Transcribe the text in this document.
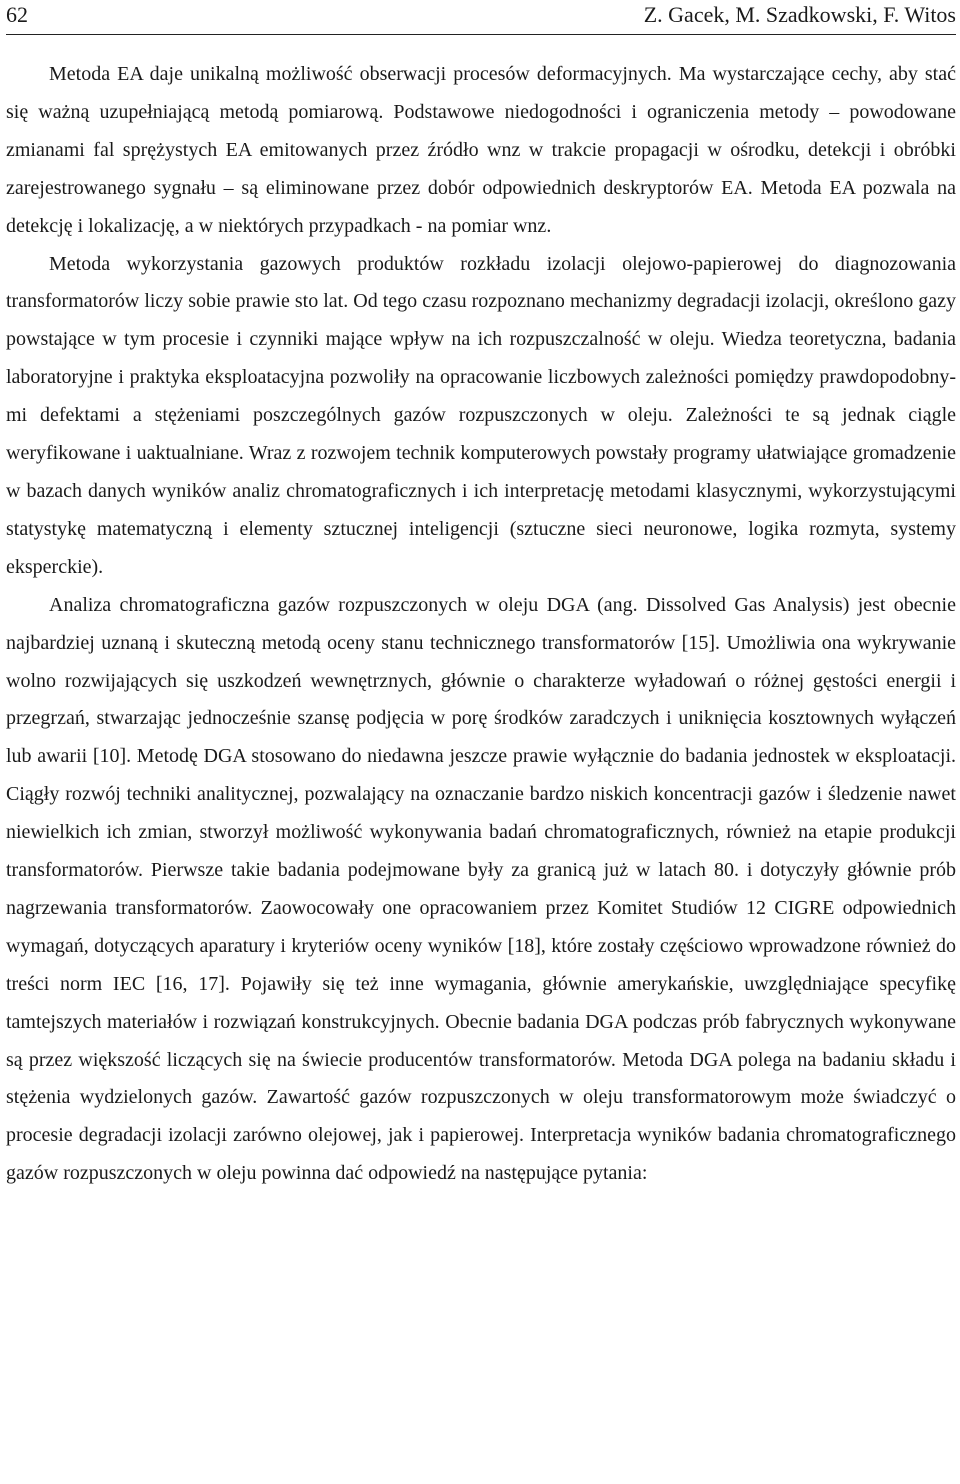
62	Z. Gacek, M. Szadkowski, F. Witos

Metoda EA daje unikalną możliwość obserwacji procesów deformacyjnych. Ma wystarczające cechy, aby stać się ważną uzupełniającą metodą pomiarową. Podstawowe niedogodności i ograniczenia metody – powodowane zmianami fal sprężystych EA emitowanych przez źródło wnz w trakcie propagacji w ośrodku, detekcji i obróbki zarejestrowanego sygnału – są eliminowane przez dobór odpowiednich deskryptorów EA. Metoda EA pozwala na detekcję i lokalizację, a w niektórych przypadkach - na pomiar wnz.

Metoda wykorzystania gazowych produktów rozkładu izolacji olejowo-papierowej do diagnozowania transformatorów liczy sobie prawie sto lat. Od tego czasu rozpoznano mechanizmy degradacji izolacji, określono gazy powstające w tym procesie i czynniki mające wpływ na ich rozpuszczalność w oleju. Wiedza teoretyczna, badania laboratoryjne i praktyka eksploatacyjna pozwoliły na opracowanie liczbowych zależności pomiędzy prawdopodobnymi defektami a stężeniami poszczególnych gazów rozpuszczonych w oleju. Zależności te są jednak ciągle weryfikowane i uaktualniane. Wraz z rozwojem technik komputerowych powstały programy ułatwiające gromadzenie w bazach danych wyników analiz chromatograficznych i ich interpretację metodami klasycznymi, wykorzystującymi statystykę matematyczną i elementy sztucznej inteligencji (sztuczne sieci neuronowe, logika rozmyta, systemy eksperckie).

Analiza chromatograficzna gazów rozpuszczonych w oleju DGA (ang. Dissolved Gas Analysis) jest obecnie najbardziej uznaną i skuteczną metodą oceny stanu technicznego transformatorów [15]. Umożliwia ona wykrywanie wolno rozwijających się uszkodzeń wewnętrznych, głównie o charakterze wyładowań o różnej gęstości energii i przegrzań, stwarzając jednocześnie szansę podjęcia w porę środków zaradczych i uniknięcia kosztownych wyłączeń lub awarii [10]. Metodę DGA stosowano do niedawna jeszcze prawie wyłącznie do badania jednostek w eksploatacji. Ciągły rozwój techniki analitycznej, pozwalający na oznaczanie bardzo niskich koncentracji gazów i śledzenie nawet niewielkich ich zmian, stworzył możliwość wykonywania badań chromatograficznych, również na etapie produkcji transformatorów. Pierwsze takie badania podejmowane były za granicą już w latach 80. i dotyczyły głównie prób nagrzewania transformatorów. Zaowocowały one opracowaniem przez Komitet Studiów 12 CIGRE odpowiednich wymagań, dotyczących aparatury i kryteriów oceny wyników [18], które zostały częściowo wprowadzone również do treści norm IEC [16, 17]. Pojawiły się też inne wymagania, głównie amerykańskie, uwzględniające specyfikę tamtejszych materiałów i rozwiązań konstrukcyjnych. Obecnie badania DGA podczas prób fabrycznych wykonywane są przez większość liczących się na świecie producentów transformatorów. Metoda DGA polega na badaniu składu i stężenia wydzielonych gazów. Zawartość gazów rozpuszczonych w oleju transformatorowym może świadczyć o procesie degradacji izolacji zarówno olejowej, jak i papierowej. Interpretacja wyników badania chromatograficznego gazów rozpuszczonych w oleju powinna dać odpowiedź na następujące pytania:
